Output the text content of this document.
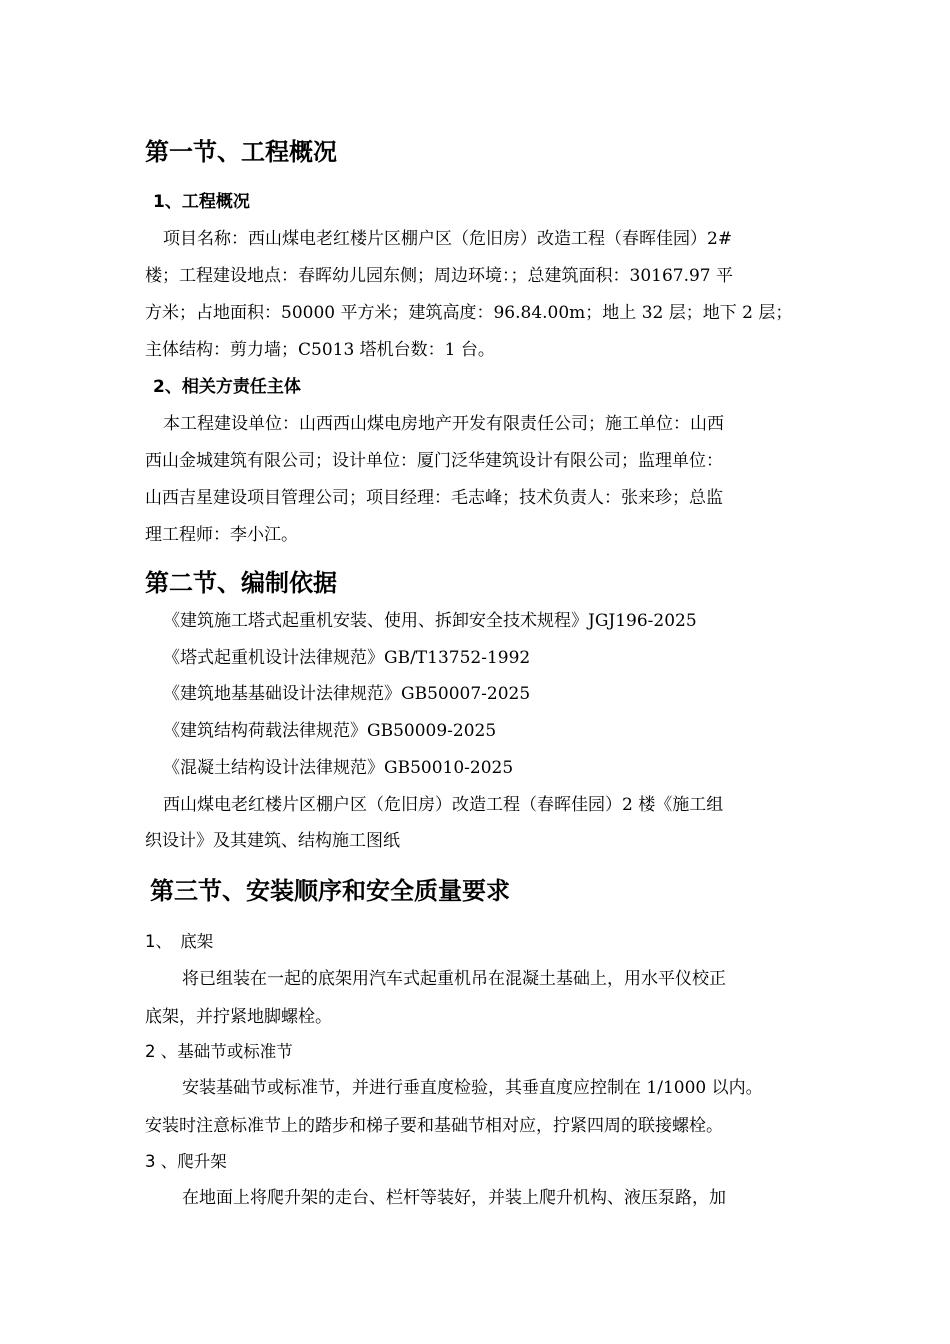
第一节、工程概况
1、工程概况
项目名称：西山煤电老红楼片区棚户区（危旧房）改造工程（春晖佳园）2#
楼；工程建设地点：春晖幼儿园东侧；周边环境：；总建筑面积：30167.97 平
方米；占地面积：50000 平方米；建筑高度：96.84.00m；地上 32 层；地下 2 层；
主体结构：剪力墙；C5013 塔机台数：1 台。
2、相关方责任主体
本工程建设单位：山西西山煤电房地产开发有限责任公司；施工单位：山西
西山金城建筑有限公司；设计单位：厦门泛华建筑设计有限公司；监理单位：
山西吉星建设项目管理公司；项目经理：毛志峰；技术负责人：张来珍；总监
理工程师：李小江。
第二节、编制依据
《建筑施工塔式起重机安装、使用、拆卸安全技术规程》JGJ196-2025
《塔式起重机设计法律规范》GB/T13752-1992
《建筑地基基础设计法律规范》GB50007-2025
《建筑结构荷载法律规范》GB50009-2025
《混凝土结构设计法律规范》GB50010-2025
西山煤电老红楼片区棚户区（危旧房）改造工程（春晖佳园）2 楼《施工组
织设计》及其建筑、结构施工图纸
第三节、安装顺序和安全质量要求
1、　底架
将已组装在一起的底架用汽车式起重机吊在混凝土基础上，用水平仪校正
底架，并拧紧地脚螺栓。
2 、基础节或标准节
安装基础节或标准节，并进行垂直度检验，其垂直度应控制在 1/1000 以内。
安装时注意标准节上的踏步和梯子要和基础节相对应，拧紧四周的联接螺栓。
3 、爬升架
在地面上将爬升架的走台、栏杆等装好，并装上爬升机构、液压泵路，加
